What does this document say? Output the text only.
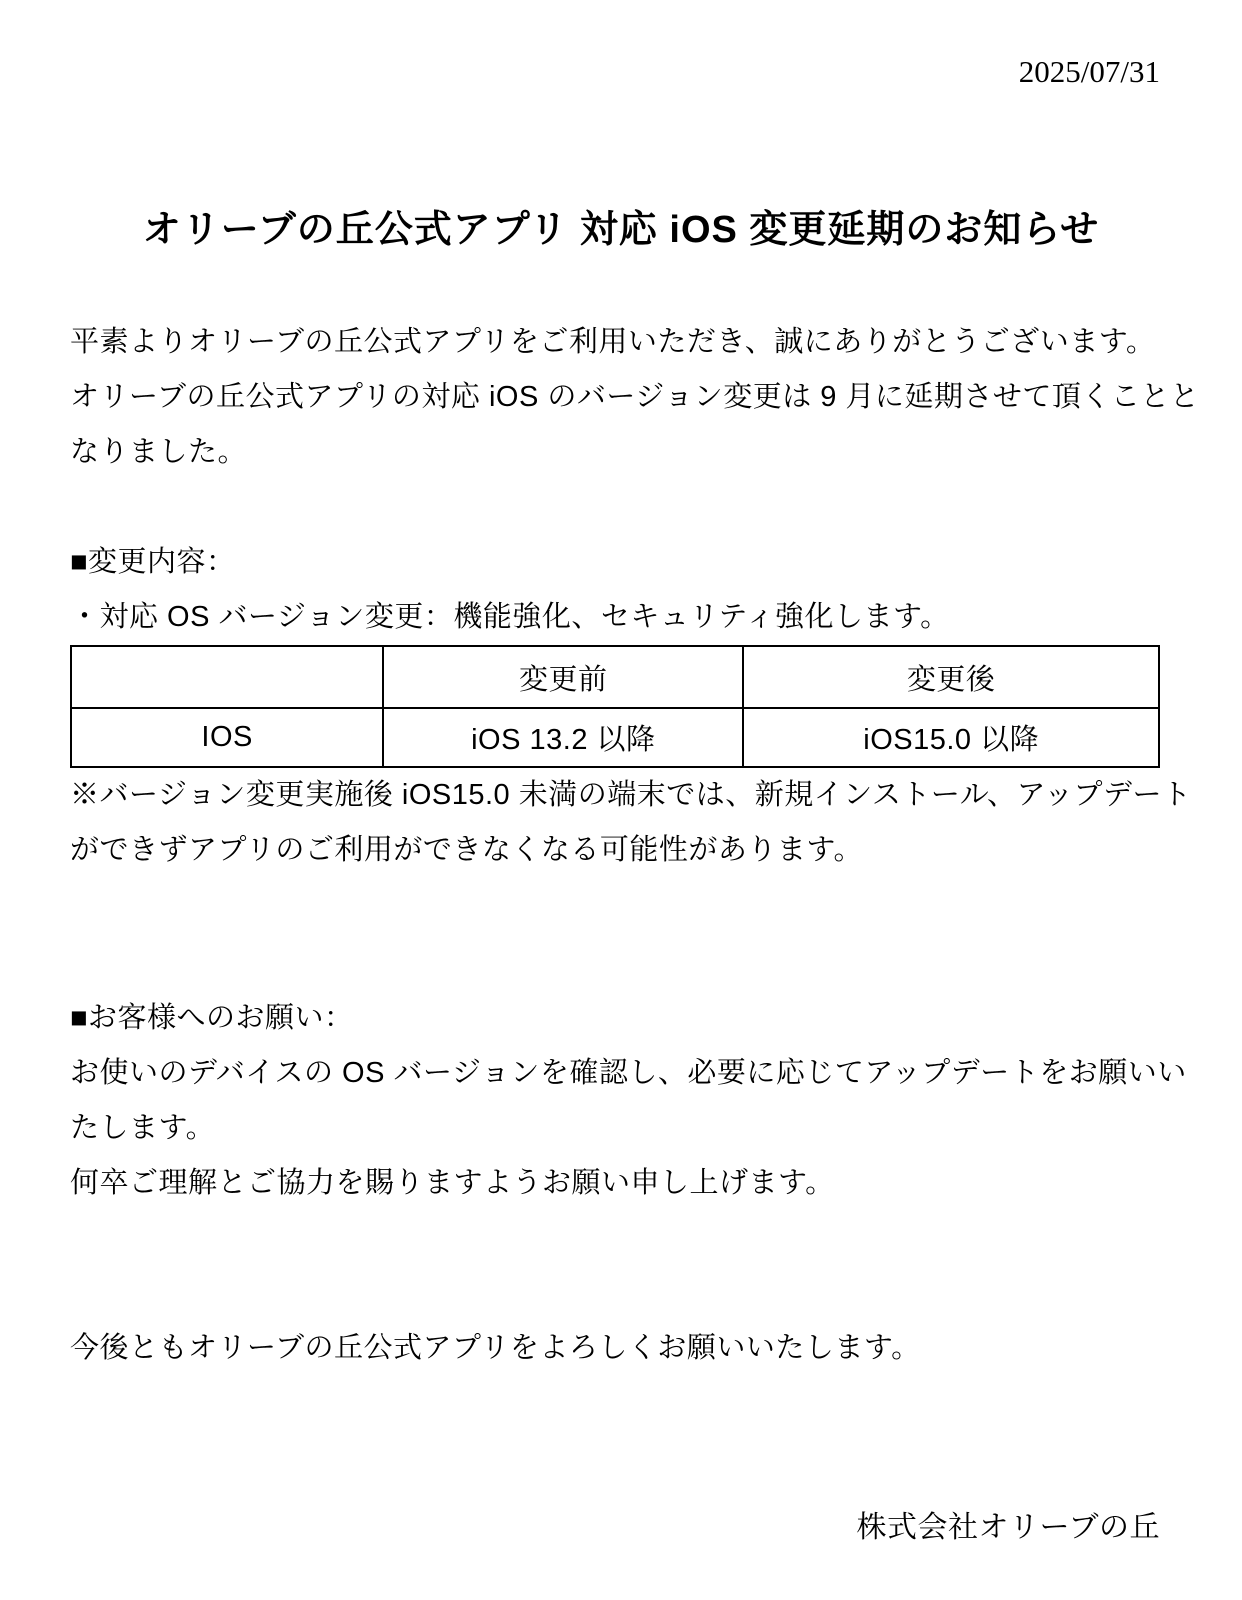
2025/07/31
オリーブの丘公式アプリ 対応 iOS 変更延期のお知らせ
平素よりオリーブの丘公式アプリをご利用いただき、誠にありがとうございます。
オリーブの丘公式アプリの対応 iOS のバージョン変更は 9 月に延期させて頂くことと
なりました。
■変更内容：
・対応 OS バージョン変更：機能強化、セキュリティ強化します。
	変更前	変更後
IOS	iOS 13.2 以降	iOS15.0 以降
※バージョン変更実施後 iOS15.0 未満の端末では、新規インストール、アップデート
ができずアプリのご利用ができなくなる可能性があります。
■お客様へのお願い：
お使いのデバイスの OS バージョンを確認し、必要に応じてアップデートをお願いい
たします。
何卒ご理解とご協力を賜りますようお願い申し上げます。
今後ともオリーブの丘公式アプリをよろしくお願いいたします。
株式会社オリーブの丘
